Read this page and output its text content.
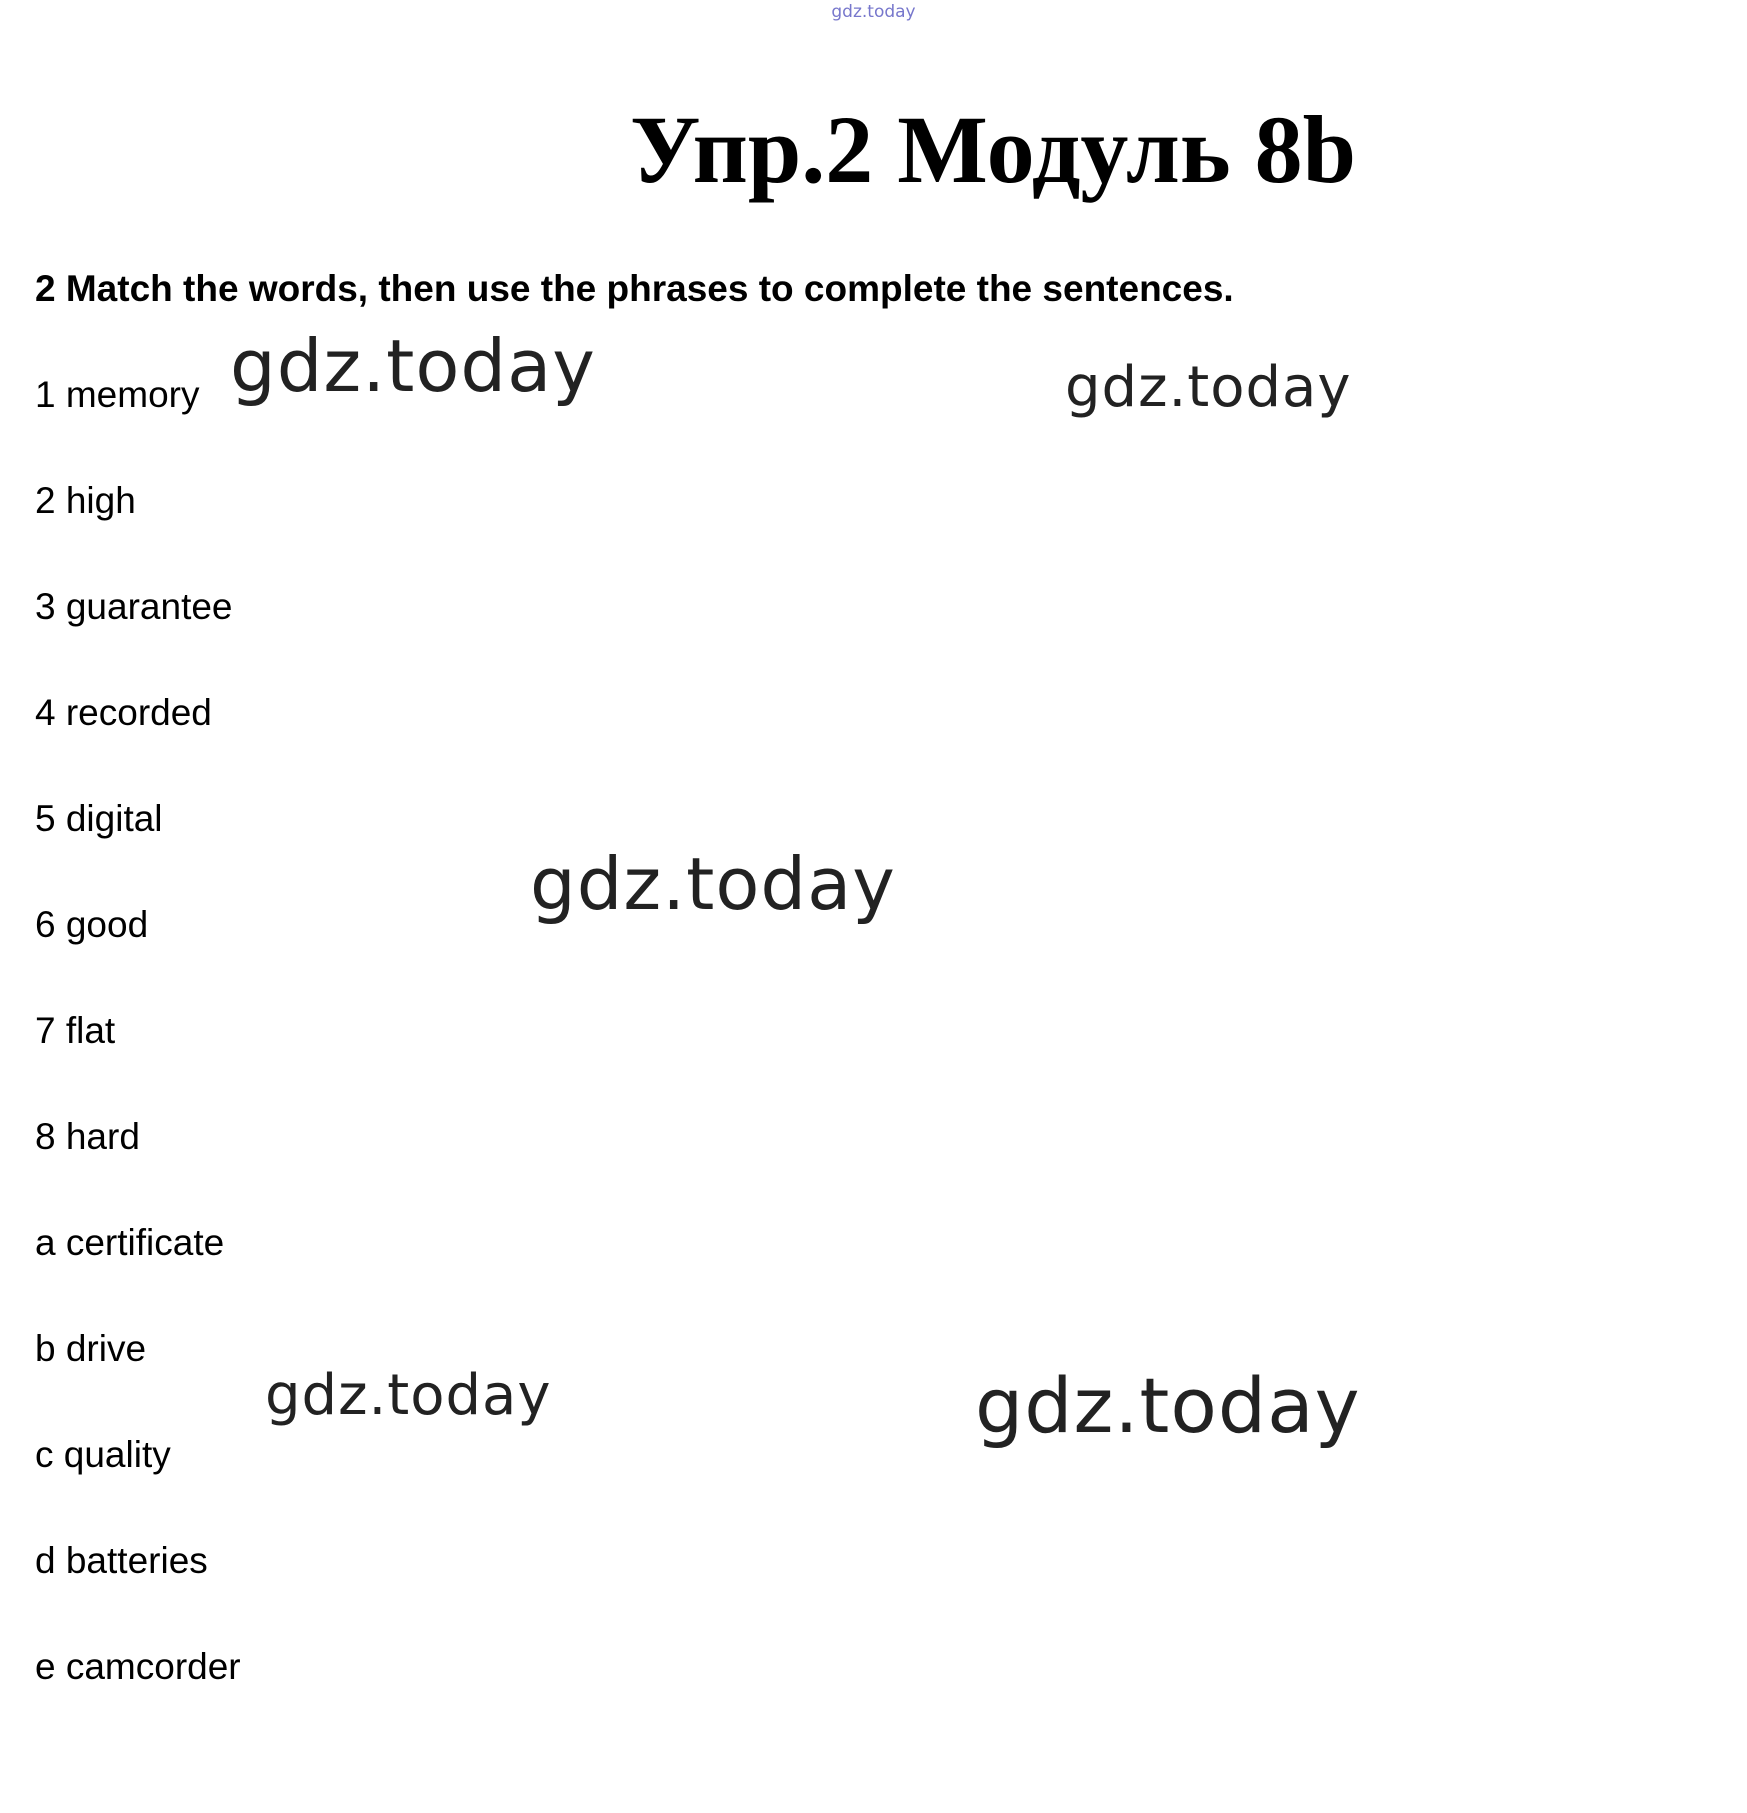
gdz.today
Упр.2 Модуль 8b

2 Match the words, then use the phrases to complete the sentences.

1 memory
2 high
3 guarantee
4 recorded
5 digital
6 good
7 flat
8 hard
a certificate
b drive
c quality
d batteries
e camcorder
gdz.today	gdz.today
gdz.today
gdz.today	gdz.today
